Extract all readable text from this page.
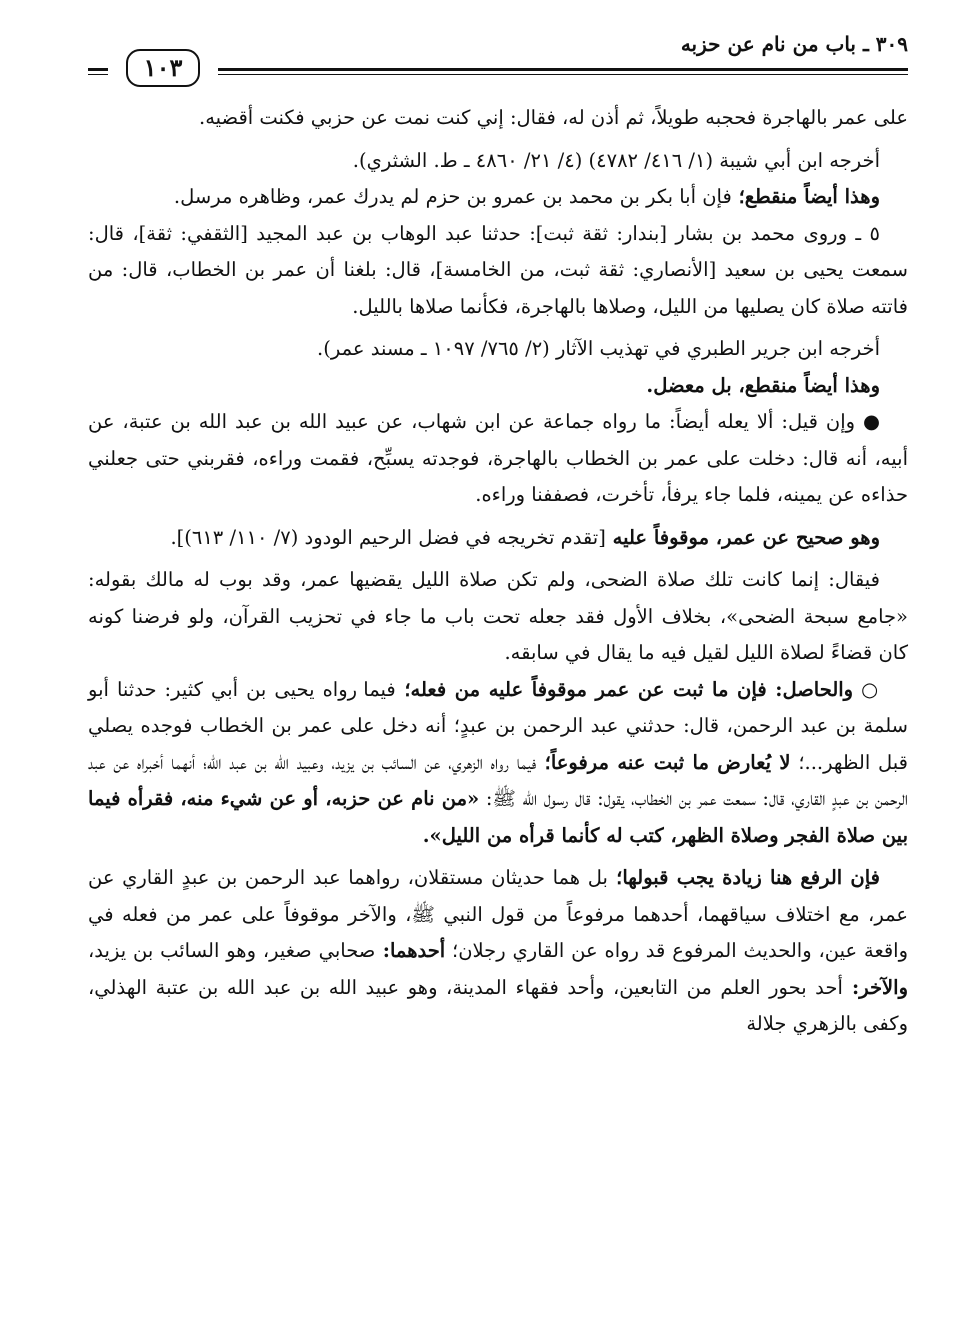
٣٠٩ ـ باب من نام عن حزبه
١٠٣

على عمر بالهاجرة فحجبه طويلاً، ثم أذن له، فقال: إني كنت نمت عن حزبي فكنت أقضيه.

أخرجه ابن أبي شيبة (١/ ٤١٦/ ٤٧٨٢) (٤/ ٢١/ ٤٨٦٠ ـ ط. الشثري).

وهذا أيضاً منقطع؛ فإن أبا بكر بن محمد بن عمرو بن حزم لم يدرك عمر، وظاهره مرسل.

٥ ـ وروى محمد بن بشار [بندار: ثقة ثبت]: حدثنا عبد الوهاب بن عبد المجيد [الثقفي: ثقة]، قال: سمعت يحيى بن سعيد [الأنصاري: ثقة ثبت، من الخامسة]، قال: بلغنا أن عمر بن الخطاب، قال: من فاتته صلاة كان يصليها من الليل، وصلاها بالهاجرة، فكأنما صلاها بالليل.

أخرجه ابن جرير الطبري في تهذيب الآثار (٢/ ٧٦٥/ ١٠٩٧ ـ مسند عمر).

وهذا أيضاً منقطع، بل معضل.

● وإن قيل: ألا يعله أيضاً: ما رواه جماعة عن ابن شهاب، عن عبيد الله بن عبد الله بن عتبة، عن أبيه، أنه قال: دخلت على عمر بن الخطاب بالهاجرة، فوجدته يسبِّح، فقمت وراءه، فقربني حتى جعلني حذاءه عن يمينه، فلما جاء يرفأ، تأخرت، فصففنا وراءه.

وهو صحيح عن عمر، موقوفاً عليه [تقدم تخريجه في فضل الرحيم الودود (٧/ ١١٠/ ٦١٣)].

فيقال: إنما كانت تلك صلاة الضحى، ولم تكن صلاة الليل يقضيها عمر، وقد بوب له مالك بقوله: «جامع سبحة الضحى»، بخلاف الأول فقد جعله تحت باب ما جاء في تحزيب القرآن، ولو فرضنا كونه كان قضاءً لصلاة الليل لقيل فيه ما يقال في سابقه.

○ والحاصل: فإن ما ثبت عن عمر موقوفاً عليه من فعله؛ فيما رواه يحيى بن أبي كثير: حدثنا أبو سلمة بن عبد الرحمن، قال: حدثني عبد الرحمن بن عبدٍ؛ أنه دخل على عمر بن الخطاب فوجده يصلي قبل الظهر...؛ لا يُعارض ما ثبت عنه مرفوعاً؛ فيما رواه الزهري، عن السائب بن يزيد، وعبيد الله بن عبد الله؛ أنهما أخبراه عن عبد الرحمن بن عبدٍ القاري، قال: سمعت عمر بن الخطاب، يقول: قال رسول الله ﷺ: «من نام عن حزبه، أو عن شيء منه، فقرأه فيما بين صلاة الفجر وصلاة الظهر، كتب له كأنما قرأه من الليل».

فإن الرفع هنا زيادة يجب قبولها؛ بل هما حديثان مستقلان، رواهما عبد الرحمن بن عبدٍ القاري عن عمر، مع اختلاف سياقهما، أحدهما مرفوعاً من قول النبي ﷺ، والآخر موقوفاً على عمر من فعله في واقعة عين، والحديث المرفوع قد رواه عن القاري رجلان؛ أحدهما: صحابي صغير، وهو السائب بن يزيد، والآخر: أحد بحور العلم من التابعين، وأحد فقهاء المدينة، وهو عبيد الله بن عبد الله بن عتبة الهذلي، وكفى بالزهري جلالة
